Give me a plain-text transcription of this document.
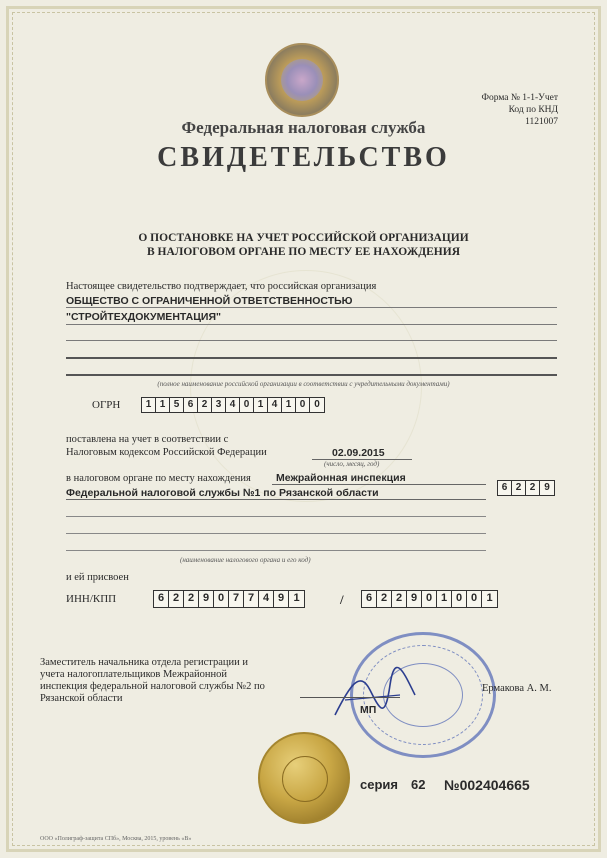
Форма № 1-1-Учет
Код по КНД 1121007
Федеральная налоговая служба
СВИДЕТЕЛЬСТВО
О ПОСТАНОВКЕ НА УЧЕТ РОССИЙСКОЙ ОРГАНИЗАЦИИ
В НАЛОГОВОМ ОРГАНЕ ПО МЕСТУ ЕЕ НАХОЖДЕНИЯ
Настоящее свидетельство подтверждает, что российская организация
ОБЩЕСТВО С ОГРАНИЧЕННОЙ ОТВЕТСТВЕННОСТЬЮ
"СТРОЙТЕХДОКУМЕНТАЦИЯ"
(полное наименование российской организации в соответствии с учредительными документами)
ОГРН	1 1 5 6 2 3 4 0 1 4 1 0 0
поставлена на учет в соответствии с
Налоговым кодексом Российской Федерации	02.09.2015
(число, месяц, год)
в налоговом органе по месту нахождения Межрайонная инспекция
Федеральной налоговой службы №1 по Рязанской области	6 2 2 9
(наименование налогового органа и его код)
и ей присвоен
ИНН/КПП	6 2 2 9 0 7 7 4 9 1	/	6 2 2 9 0 1 0 0 1
Заместитель начальника отдела регистрации и
учета налогоплательщиков Межрайонной
инспекция федеральной налоговой службы №2 по
Рязанской области
Ермакова А. М.
МП
серия 62 №002404665
ООО «Полиграф-защита СПб», Москва, 2015, уровень «В»
